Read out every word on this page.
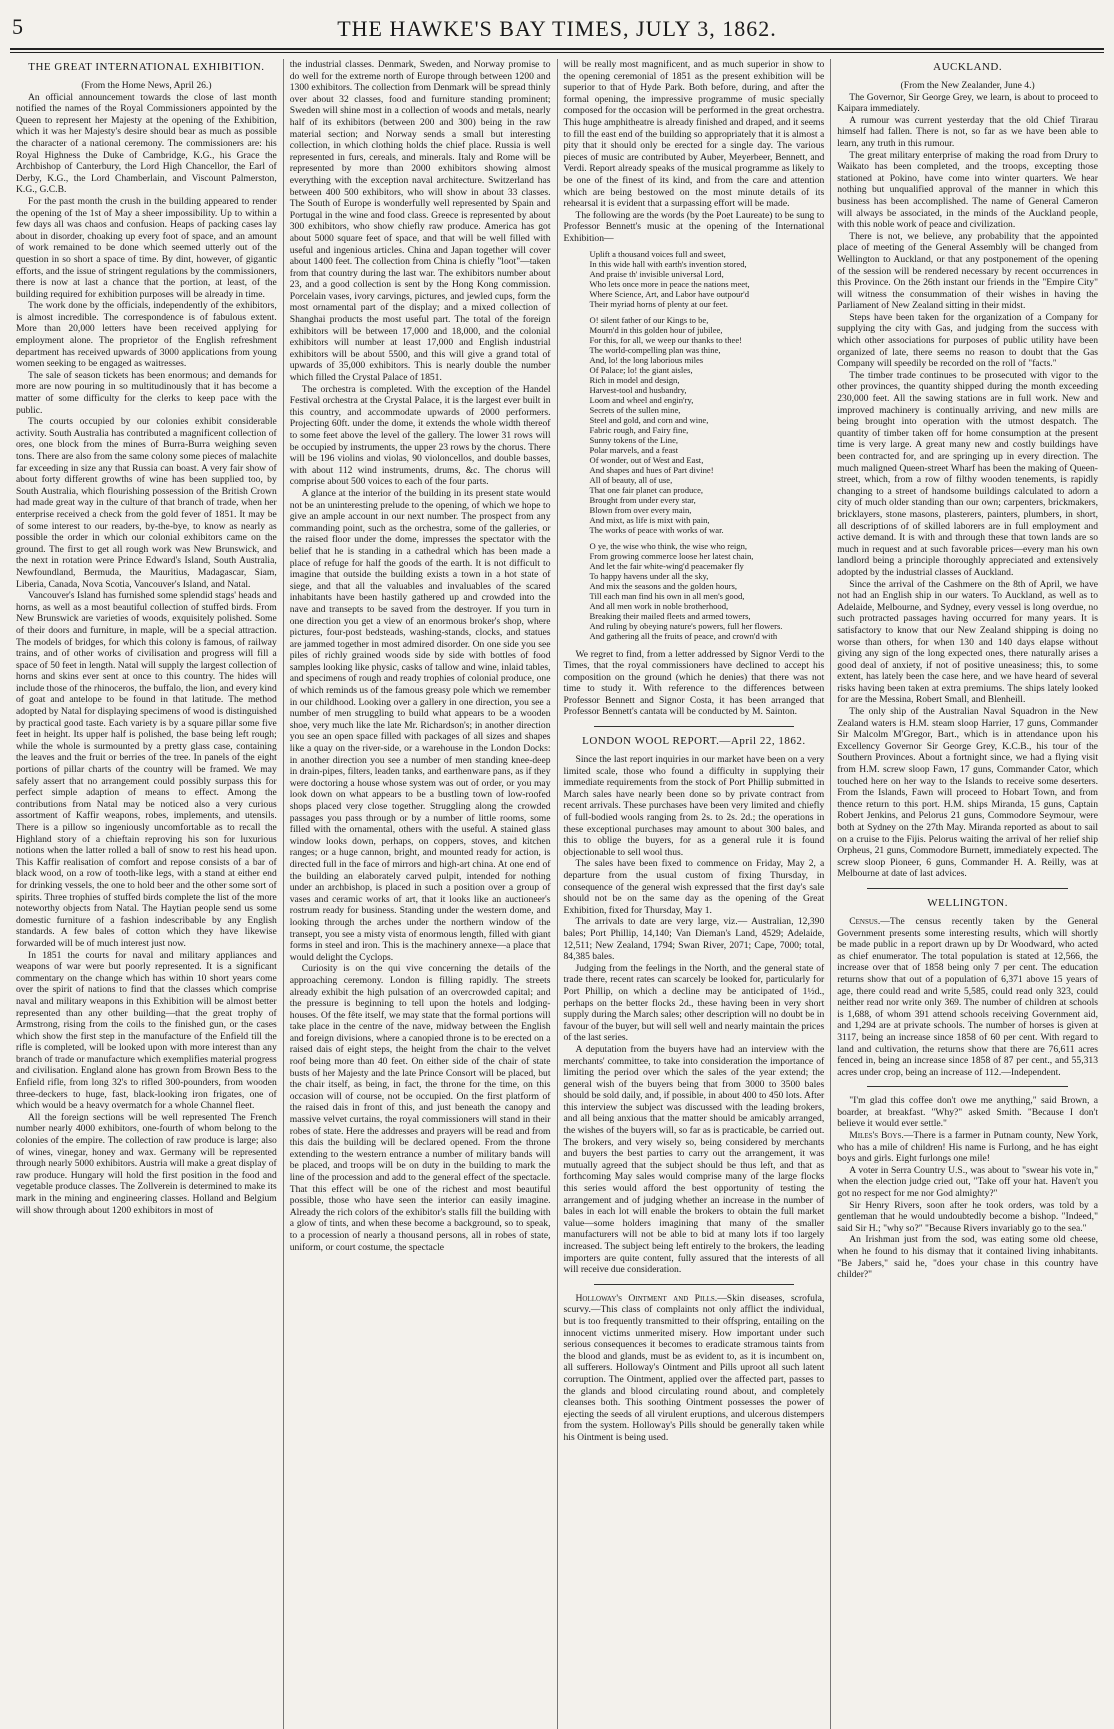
5	THE HAWKE'S BAY TIMES, JULY 3, 1862.
THE GREAT INTERNATIONAL EXHIBITION.

(From the Home News, April 26.)

An official announcement towards the close of last month notified the names of the Royal Commissioners appointed by the Queen to represent her Majesty at the opening of the Exhibition, which it was her Majesty's desire should bear as much as possible the character of a national ceremony. The commissioners are: his Royal Highness the Duke of Cambridge, K.G., his Grace the Archbishop of Canterbury, the Lord High Chancellor, the Earl of Derby, K.G., the Lord Chamberlain, and Viscount Palmerston, K.G., G.C.B.

For the past month the crush in the building appeared to render the opening of the 1st of May a sheer impossibility. Up to within a few days all was chaos and confusion. Heaps of packing cases lay about in disorder, choaking up every foot of space, and an amount of work remained to be done which seemed utterly out of the question in so short a space of time. By dint, however, of gigantic efforts, and the issue of stringent regulations by the commissioners, there is now at last a chance that the portion, at least, of the building required for exhibition purposes will be already in time.

The work done by the officials, independently of the exhibitors, is almost incredible. The correspondence is of fabulous extent. More than 20,000 letters have been received applying for employment alone. The proprietor of the English refreshment department has received upwards of 3000 applications from young women seeking to be engaged as waitresses.

The sale of season tickets has been enormous; and demands for more are now pouring in so multitudinously that it has become a matter of some difficulty for the clerks to keep pace with the public.

The courts occupied by our colonies exhibit considerable activity. South Australia has contributed a magnificent collection of ores, one block from the mines of Burra-Burra weighing seven tons. There are also from the same colony some pieces of malachite far exceeding in size any that Russia can boast. A very fair show of about forty different growths of wine has been supplied too, by South Australia, which flourishing possession of the British Crown had made great way in the culture of that branch of trade, when her enterprise received a check from the gold fever of 1851. It may be of some interest to our readers, by-the-bye, to know as nearly as possible the order in which our colonial exhibitors came on the ground. The first to get all rough work was New Brunswick, and the next in rotation were Prince Edward's Island, South Australia, Newfoundland, Bermuda, the Mauritius, Madagascar, Siam, Liberia, Canada, Nova Scotia, Vancouver's Island, and Natal.

Vancouver's Island has furnished some splendid stags' heads and horns, as well as a most beautiful collection of stuffed birds. From New Brunswick are varieties of woods, exquisitely polished. Some of their doors and furniture, in maple, will be a special attraction. The models of bridges, for which this colony is famous, of railway trains, and of other works of civilisation and progress will fill a space of 50 feet in length. Natal will supply the largest collection of horns and skins ever sent at once to this country. The hides will include those of the rhinoceros, the buffalo, the lion, and every kind of goat and antelope to be found in that latitude. The method adopted by Natal for displaying specimens of wood is distinguished by practical good taste. Each variety is by a square pillar some five feet in height. Its upper half is polished, the base being left rough; while the whole is surmounted by a pretty glass case, containing the leaves and the fruit or berries of the tree. In panels of the eight portions of pillar charts of the country will be framed. We may safely assert that no arrangement could possibly surpass this for perfect simple adaption of means to effect. Among the contributions from Natal may be noticed also a very curious assortment of Kaffir weapons, robes, implements, and utensils. There is a pillow so ingeniously uncomfortable as to recall the Highland story of a chieftain reproving his son for luxurious notions when the latter rolled a ball of snow to rest his head upon. This Kaffir realisation of comfort and repose consists of a bar of black wood, on a row of tooth-like legs, with a stand at either end for drinking vessels, the one to hold beer and the other some sort of spirits. Three trophies of stuffed birds complete the list of the more noteworthy objects from Natal. The Haytian people send us some domestic furniture of a fashion indescribable by any English standards. A few bales of cotton which they have likewise forwarded will be of much interest just now.

In 1851 the courts for naval and military appliances and weapons of war were but poorly represented. It is a significant commentary on the change which has within 10 short years come over the spirit of nations to find that the classes which comprise naval and military weapons in this Exhibition will be almost better represented than any other building—that the great trophy of Armstrong, rising from the coils to the finished gun, or the cases which show the first step in the manufacture of the Enfield till the rifle is completed, will be looked upon with more interest than any branch of trade or manufacture which exemplifies material progress and civilisation. England alone has grown from Brown Bess to the Enfield rifle, from long 32's to rifled 300-pounders, from wooden three-deckers to huge, fast, black-looking iron frigates, one of which would be a heavy overmatch for a whole Channel fleet.

All the foreign sections will be well represented The French number nearly 4000 exhibitors, one-fourth of whom belong to the colonies of the empire. The collection of raw produce is large; also of wines, vinegar, honey and wax. Germany will be represented through nearly 5000 exhibitors. Austria will make a great display of raw produce. Hungary will hold the first position in the food and vegetable produce classes. The Zollverein is determined to make its mark in the mining and engineering classes. Holland and Belgium will show through about 1200 exhibitors in most of

the industrial classes. Denmark, Sweden, and Norway promise to do well for the extreme north of Europe through between 1200 and 1300 exhibitors. The collection from Denmark will be spread thinly over about 32 classes, food and furniture standing prominent; Sweden will shine most in a collection of woods and metals, nearly half of its exhibitors (between 200 and 300) being in the raw material section; and Norway sends a small but interesting collection, in which clothing holds the chief place. Russia is well represented in furs, cereals, and minerals. Italy and Rome will be represented by more than 2000 exhibitors showing almost everything with the exception naval architecture. Switzerland has between 400 500 exhibitors, who will show in about 33 classes. The South of Europe is wonderfully well represented by Spain and Portugal in the wine and food class. Greece is represented by about 300 exhibitors, who show chiefly raw produce. America has got about 5000 square feet of space, and that will be well filled with useful and ingenious articles. China and Japan together will cover about 1400 feet. The collection from China is chiefly "loot"—taken from that country during the last war. The exhibitors number about 23, and a good collection is sent by the Hong Kong commission. Porcelain vases, ivory carvings, pictures, and jewled cups, form the most ornamental part of the display; and a mixed collection of Shanghai products the most useful part. The total of the foreign exhibitors will be between 17,000 and 18,000, and the colonial exhibitors will number at least 17,000 and English industrial exhibitors will be about 5500, and this will give a grand total of upwards of 35,000 exhibitors. This is nearly double the number which filled the Crystal Palace of 1851.

The orchestra is completed. With the exception of the Handel Festival orchestra at the Crystal Palace, it is the largest ever built in this country, and accommodate upwards of 2000 performers. Projecting 60ft. under the dome, it extends the whole width thereof to some feet above the level of the gallery. The lower 31 rows will be occupied by instruments, the upper 23 rows by the chorus. There will be 196 violins and violas, 90 violoncellos, and double basses, with about 112 wind instruments, drums, &c. The chorus will comprise about 500 voices to each of the four parts.

A glance at the interior of the building in its present state would not be an uninteresting prelude to the opening, of which we hope to give an ample account in our next number. The prospect from any commanding point, such as the orchestra, some of the galleries, or the raised floor under the dome, impresses the spectator with the belief that he is standing in a cathedral which has been made a place of refuge for half the goods of the earth. It is not difficult to imagine that outside the building exists a town in a hot state of siege, and that all the valuables and invaluables of the scared inhabitants have been hastily gathered up and crowded into the nave and transepts to be saved from the destroyer. If you turn in one direction you get a view of an enormous broker's shop, where pictures, four-post bedsteads, washing-stands, clocks, and statues are jammed together in most admired disorder. On one side you see piles of richly grained woods side by side with bottles of food samples looking like physic, casks of tallow and wine, inlaid tables, and specimens of rough and ready trophies of colonial produce, one of which reminds us of the famous greasy pole which we remember in our childhood. Looking over a gallery in one direction, you see a number of men struggling to build what appears to be a wooden shoe, very much like the late Mr. Richardson's; in another direction you see an open space filled with packages of all sizes and shapes like a quay on the river-side, or a warehouse in the London Docks: in another direction you see a number of men standing knee-deep in drain-pipes, filters, leaden tanks, and earthenware pans, as if they were doctoring a house whose system was out of order, or you may look down on what appears to be a bustling town of low-roofed shops placed very close together. Struggling along the crowded passages you pass through or by a number of little rooms, some filled with the ornamental, others with the useful. A stained glass window looks down, perhaps, on coppers, stoves, and kitchen ranges; or a huge cannon, bright, and mounted ready for action, is directed full in the face of mirrors and high-art china. At one end of the building an elaborately carved pulpit, intended for nothing under an archbishop, is placed in such a position over a group of vases and ceramic works of art, that it looks like an auctioneer's rostrum ready for business. Standing under the western dome, and looking through the arches under the northern window of the transept, you see a misty vista of enormous length, filled with giant forms in steel and iron. This is the machinery annexe—a place that would delight the Cyclops.

Curiosity is on the qui vive concerning the details of the approaching ceremony. London is filling rapidly. The streets already exhibit the high pulsation of an overcrowded capital; and the pressure is beginning to tell upon the hotels and lodging-houses. Of the fête itself, we may state that the formal portions will take place in the centre of the nave, midway between the English and foreign divisions, where a canopied throne is to be erected on a raised dais of eight steps, the height from the chair to the velvet roof being more than 40 feet. On either side of the chair of state busts of her Majesty and the late Prince Consort will be placed, but the chair itself, as being, in fact, the throne for the time, on this occasion will of course, not be occupied. On the first platform of the raised dais in front of this, and just beneath the canopy and massive velvet curtains, the royal commissioners will stand in their robes of state. Here the addresses and prayers will be read and from this dais the building will be declared opened. From the throne extending to the western entrance a number of military bands will be placed, and troops will be on duty in the building to mark the line of the procession and add to the general effect of the spectacle. That this effect will be one of the richest and most beautiful possible, those who have seen the interior can easily imagine. Already the rich colors of the exhibitor's stalls fill the building with a glow of tints, and when these become a background, so to speak, to a procession of nearly a thousand persons, all in robes of state, uniform, or court costume, the spectacle

will be really most magnificent, and as much superior in show to the opening ceremonial of 1851 as the present exhibition will be superior to that of Hyde Park. Both before, during, and after the formal opening, the impressive programme of music specially composed for the occasion will be performed in the great orchestra. This huge amphitheatre is already finished and draped, and it seems to fill the east end of the building so appropriately that it is almost a pity that it should only be erected for a single day. The various pieces of music are contributed by Auber, Meyerbeer, Bennett, and Verdi. Report already speaks of the musical programme as likely to be one of the finest of its kind, and from the care and attention which are being bestowed on the most minute details of its rehearsal it is evident that a surpassing effort will be made.

The following are the words (by the Poet Laureate) to be sung to Professor Bennett's music at the opening of the International Exhibition—

Uplift a thousand voices full and sweet,
In this wide hall with earth's invention stored,
And praise th' invisible universal Lord,
Who lets once more in peace the nations meet,
Where Science, Art, and Labor have outpour'd
Their myriad horns of plenty at our feet.
O! silent father of our Kings to be,
Mourn'd in this golden hour of jubilee,
For this, for all, we weep our thanks to thee!
The world-compelling plan was thine,
And, lo! the long laborious miles
Of Palace; lo! the giant aisles,
Rich in model and design,
Harvest-tool and husbandry,
Loom and wheel and engin'ry,
Secrets of the sullen mine,
Steel and gold, and corn and wine,
Fabric rough, and Fairy fine,
Sunny tokens of the Line,
Polar marvels, and a feast
Of wonder, out of West and East,
And shapes and hues of Part divine!
All of beauty, all of use,
That one fair planet can produce,
Brought from under every star,
Blown from over every main,
And mixt, as life is mixt with pain,
The works of peace with works of war.
O ye, the wise who think, the wise who reign,
From growing commerce loose her latest chain,
And let the fair white-wing'd peacemaker fly
To happy havens under all the sky,
And mix the seasons and the golden hours,
Till each man find his own in all men's good,
And all men work in noble brotherhood,
Breaking their mailed fleets and armed towers,
And ruling by obeying nature's powers, full her flowers.
And gathering all the fruits of peace, and crown'd with

We regret to find, from a letter addressed by Signor Verdi to the Times, that the royal commissioners have declined to accept his composition on the ground (which he denies) that there was not time to study it. With reference to the differences between Professor Bennett and Signor Costa, it has been arranged that Professor Bennett's cantata will be conducted by M. Sainton.

LONDON WOOL REPORT.—April 22, 1862.

Since the last report inquiries in our market have been on a very limited scale, those who found a difficulty in supplying their immediate requirements from the stock of Port Phillip submitted in March sales have nearly been done so by private contract from recent arrivals. These purchases have been very limited and chiefly of full-bodied wools ranging from 2s. to 2s. 2d.; the operations in these exceptional purchases may amount to about 300 bales, and this to oblige the buyers, for as a general rule it is found objectionable to sell wool thus.

The sales have been fixed to commence on Friday, May 2, a departure from the usual custom of fixing Thursday, in consequence of the general wish expressed that the first day's sale should not be on the same day as the opening of the Great Exhibition, fixed for Thursday, May 1.

The arrivals to date are very large, viz.— Australian, 12,390 bales; Port Phillip, 14,140; Van Dieman's Land, 4529; Adelaide, 12,511; New Zealand, 1794; Swan River, 2071; Cape, 7000; total, 84,385 bales.

Judging from the feelings in the North, and the general state of trade there, recent rates can scarcely be looked for, particularly for Port Phillip, on which a decline may be anticipated of 1½d., perhaps on the better flocks 2d., these having been in very short supply during the March sales; other description will no doubt be in favour of the buyer, but will sell well and nearly maintain the prices of the last series.

A deputation from the buyers have had an interview with the merchants' committee, to take into consideration the importance of limiting the period over which the sales of the year extend; the general wish of the buyers being that from 3000 to 3500 bales should be sold daily, and, if possible, in about 400 to 450 lots. After this interview the subject was discussed with the leading brokers, and all being anxious that the matter should be amicably arranged, the wishes of the buyers will, so far as is practicable, be carried out. The brokers, and very wisely so, being considered by merchants and buyers the best parties to carry out the arrangement, it was mutually agreed that the subject should be thus left, and that as forthcoming May sales would comprise many of the large flocks this series would afford the best opportunity of testing the arrangement and of judging whether an increase in the number of bales in each lot will enable the brokers to obtain the full market value—some holders imagining that many of the smaller manufacturers will not be able to bid at many lots if too largely increased. The subject being left entirely to the brokers, the leading importers are quite content, fully assured that the interests of all will receive due consideration.

Holloway's Ointment and Pills.—Skin diseases, scrofula, scurvy.—This class of complaints not only afflict the individual, but is too frequently transmitted to their offspring, entailing on the innocent victims unmerited misery. How important under such serious consequences it becomes to eradicate stramous taints from the blood and glands, must be as evident to, as it is incumbent on, all sufferers. Holloway's Ointment and Pills uproot all such latent corruption. The Ointment, applied over the affected part, passes to the glands and blood circulating round about, and completely cleanses both. This soothing Ointment possesses the power of ejecting the seeds of all virulent eruptions, and ulcerous distempers from the system. Holloway's Pills should be generally taken while his Ointment is being used.

AUCKLAND.

(From the New Zealander, June 4.)

The Governor, Sir George Grey, we learn, is about to proceed to Kaipara immediately.

A rumour was current yesterday that the old Chief Tirarau himself had fallen. There is not, so far as we have been able to learn, any truth in this rumour.

The great military enterprise of making the road from Drury to Waikato has been completed, and the troops, excepting those stationed at Pokino, have come into winter quarters. We hear nothing but unqualified approval of the manner in which this business has been accomplished. The name of General Cameron will always be associated, in the minds of the Auckland people, with this noble work of peace and civilization.

There is not, we believe, any probability that the appointed place of meeting of the General Assembly will be changed from Wellington to Auckland, or that any postponement of the opening of the session will be rendered necessary by recent occurrences in this Province. On the 26th instant our friends in the "Empire City" will witness the consummation of their wishes in having the Parliament of New Zealand sitting in their midst.

Steps have been taken for the organization of a Company for supplying the city with Gas, and judging from the success with which other associations for purposes of public utility have been organized of late, there seems no reason to doubt that the Gas Company will speedily be recorded on the roll of "facts."

The timber trade continues to be prosecuted with vigor to the other provinces, the quantity shipped during the month exceeding 230,000 feet. All the sawing stations are in full work. New and improved machinery is continually arriving, and new mills are being brought into operation with the utmost despatch. The quantity of timber taken off for home consumption at the present time is very large. A great many new and costly buildings have been contracted for, and are springing up in every direction. The much maligned Queen-street Wharf has been the making of Queen-street, which, from a row of filthy wooden tenements, is rapidly changing to a street of handsome buildings calculated to adorn a city of much older standing than our own; carpenters, brickmakers, bricklayers, stone masons, plasterers, painters, plumbers, in short, all descriptions of of skilled laborers are in full employment and active demand. It is with and through these that town lands are so much in request and at such favorable prices—every man his own landlord being a principle thoroughly appreciated and extensively adopted by the industrial classes of Auckland.

Since the arrival of the Cashmere on the 8th of April, we have not had an English ship in our waters. To Auckland, as well as to Adelaide, Melbourne, and Sydney, every vessel is long overdue, no such protracted passages having occurred for many years. It is satisfactory to know that our New Zealand shipping is doing no worse than others, for when 130 and 140 days elapse without giving any sign of the long expected ones, there naturally arises a good deal of anxiety, if not of positive uneasiness; this, to some extent, has lately been the case here, and we have heard of several risks having been taken at extra premiums. The ships lately looked for are the Messina, Robert Small, and Blenheill.

The only ship of the Australian Naval Squadron in the New Zealand waters is H.M. steam sloop Harrier, 17 guns, Commander Sir Malcolm M'Gregor, Bart., which is in attendance upon his Excellency Governor Sir George Grey, K.C.B., his tour of the Southern Provinces. About a fortnight since, we had a flying visit from H.M. screw sloop Fawn, 17 guns, Commander Cator, which touched here on her way to the Islands to receive some deserters. From the Islands, Fawn will proceed to Hobart Town, and from thence return to this port. H.M. ships Miranda, 15 guns, Captain Robert Jenkins, and Pelorus 21 guns, Commodore Seymour, were both at Sydney on the 27th May. Miranda reported as about to sail on a cruise to the Fijis. Pelorus waiting the arrival of her relief ship Orpheus, 21 guns, Commodore Burnett, immediately expected. The screw sloop Pioneer, 6 guns, Commander H. A. Reilly, was at Melbourne at date of last advices.

WELLINGTON.

Census.—The census recently taken by the General Government presents some interesting results, which will shortly be made public in a report drawn up by Dr Woodward, who acted as chief enumerator. The total population is stated at 12,566, the increase over that of 1858 being only 7 per cent. The education returns show that out of a population of 6,371 above 15 years of age, there could read and write 5,585, could read only 323, could neither read nor write only 369. The number of children at schools is 1,688, of whom 391 attend schools receiving Government aid, and 1,294 are at private schools. The number of horses is given at 3117, being an increase since 1858 of 60 per cent. With regard to land and cultivation, the returns show that there are 76,611 acres fenced in, being an increase since 1858 of 87 per cent., and 55,313 acres under crop, being an increase of 112.—Independent.

"I'm glad this coffee don't owe me anything," said Brown, a boarder, at breakfast. "Why?" asked Smith. "Because I don't believe it would ever settle."

Miles's Boys.—There is a farmer in Putnam county, New York, who has a mile of children! His name is Furlong, and he has eight boys and girls. Eight furlongs one mile!

A voter in Serra Country U.S., was about to "swear his vote in," when the election judge cried out, "Take off your hat. Haven't you got no respect for me nor God almighty?"

Sir Henry Rivers, soon after he took orders, was told by a gentleman that he would undoubtedly become a bishop. "Indeed," said Sir H.; "why so?" "Because Rivers invariably go to the sea."

An Irishman just from the sod, was eating some old cheese, when he found to his dismay that it contained living inhabitants. "Be Jabers," said he, "does your chase in this country have childer?"
